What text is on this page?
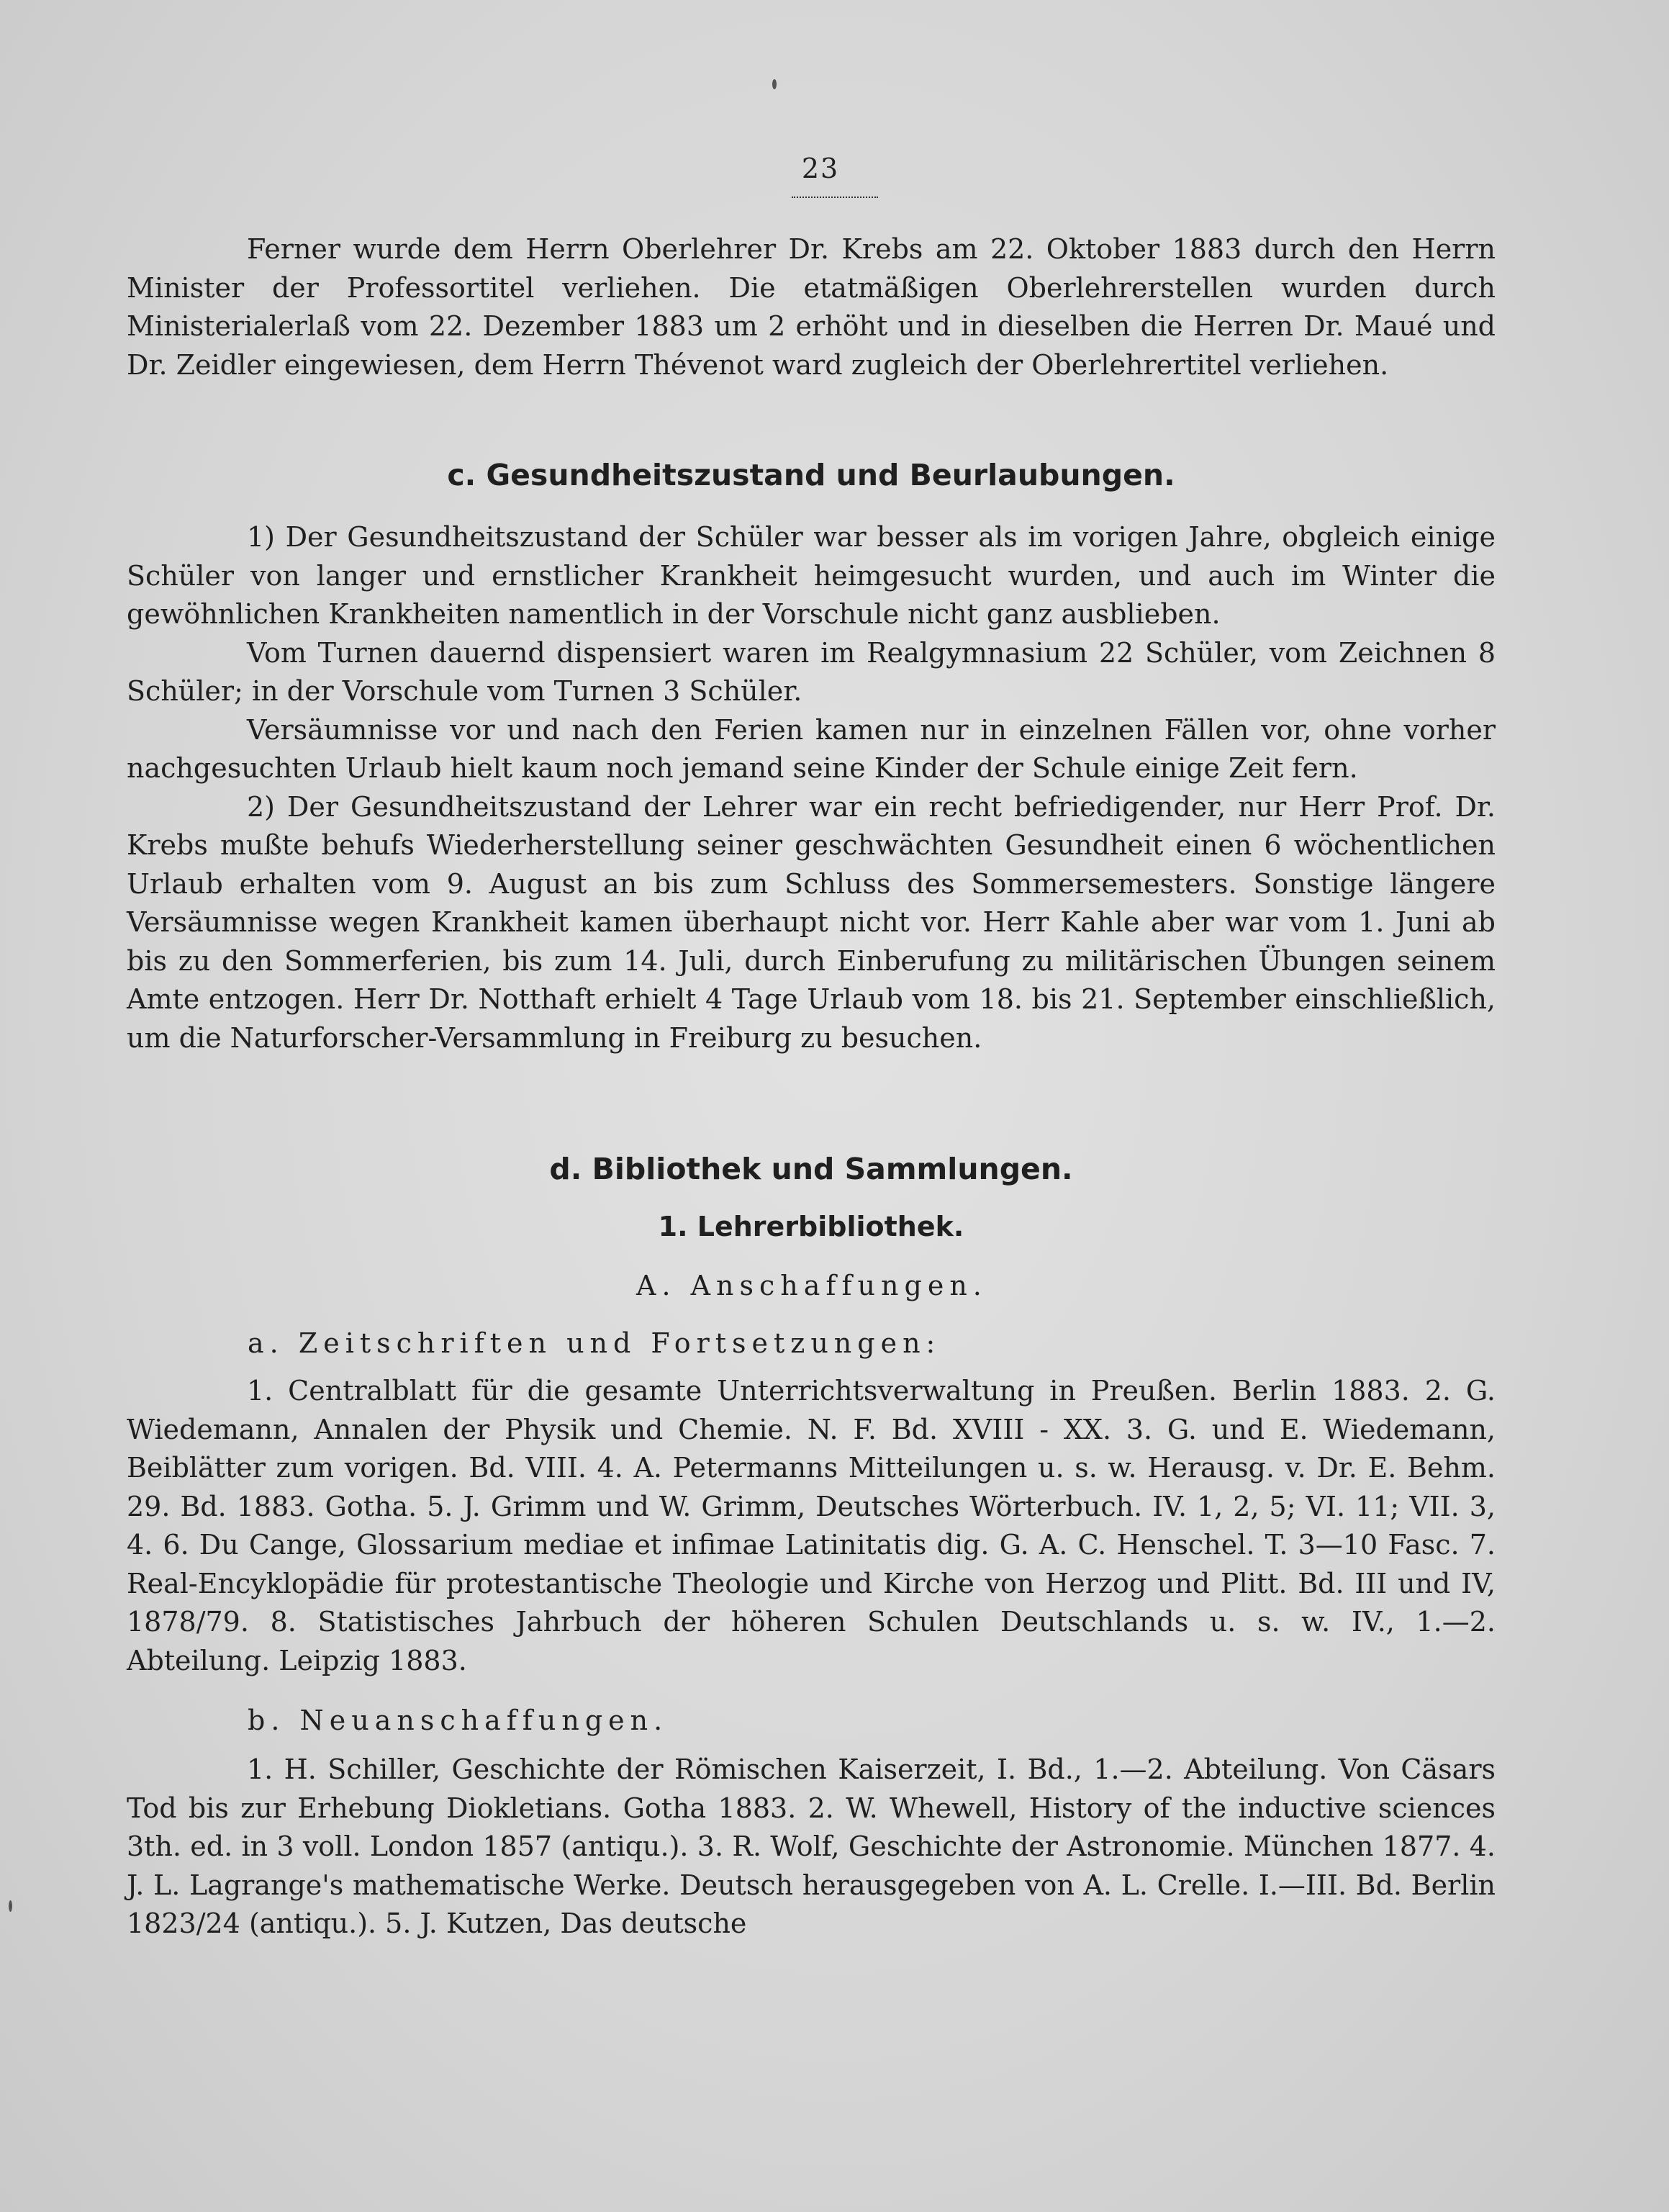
23

Ferner wurde dem Herrn Oberlehrer Dr. Krebs am 22. Oktober 1883 durch den Herrn Minister der Professortitel verliehen. Die etatmäßigen Oberlehrerstellen wurden durch Ministerialerlaß vom 22. Dezember 1883 um 2 erhöht und in dieselben die Herren Dr. Maué und Dr. Zeidler eingewiesen, dem Herrn Thévenot ward zugleich der Oberlehrertitel verliehen.

c. Gesundheitszustand und Beurlaubungen.

1) Der Gesundheitszustand der Schüler war besser als im vorigen Jahre, obgleich einige Schüler von langer und ernstlicher Krankheit heimgesucht wurden, und auch im Winter die gewöhnlichen Krankheiten namentlich in der Vorschule nicht ganz ausblieben.

Vom Turnen dauernd dispensiert waren im Realgymnasium 22 Schüler, vom Zeichnen 8 Schüler; in der Vorschule vom Turnen 3 Schüler.

Versäumnisse vor und nach den Ferien kamen nur in einzelnen Fällen vor, ohne vorher nachgesuchten Urlaub hielt kaum noch jemand seine Kinder der Schule einige Zeit fern.

2) Der Gesundheitszustand der Lehrer war ein recht befriedigender, nur Herr Prof. Dr. Krebs mußte behufs Wiederherstellung seiner geschwächten Gesundheit einen 6 wöchentlichen Urlaub erhalten vom 9. August an bis zum Schluss des Sommersemesters. Sonstige längere Versäumnisse wegen Krankheit kamen überhaupt nicht vor. Herr Kahle aber war vom 1. Juni ab bis zu den Sommerferien, bis zum 14. Juli, durch Einberufung zu militärischen Übungen seinem Amte entzogen. Herr Dr. Notthaft erhielt 4 Tage Urlaub vom 18. bis 21. September einschließlich, um die Naturforscher-Versammlung in Freiburg zu besuchen.

d. Bibliothek und Sammlungen.
1. Lehrerbibliothek.
A. Anschaffungen.
a. Zeitschriften und Fortsetzungen:

1. Centralblatt für die gesamte Unterrichtsverwaltung in Preußen. Berlin 1883. 2. G. Wiedemann, Annalen der Physik und Chemie. N. F. Bd. XVIII - XX. 3. G. und E. Wiedemann, Beiblätter zum vorigen. Bd. VIII. 4. A. Petermanns Mitteilungen u. s. w. Herausg. v. Dr. E. Behm. 29. Bd. 1883. Gotha. 5. J. Grimm und W. Grimm, Deutsches Wörterbuch. IV. 1, 2, 5; VI. 11; VII. 3, 4. 6. Du Cange, Glossarium mediae et infimae Latinitatis dig. G. A. C. Henschel. T. 3—10 Fasc. 7. Real-Encyklopädie für protestantische Theologie und Kirche von Herzog und Plitt. Bd. III und IV, 1878/79. 8. Statistisches Jahrbuch der höheren Schulen Deutschlands u. s. w. IV., 1.—2. Abteilung. Leipzig 1883.

b. Neuanschaffungen.

1. H. Schiller, Geschichte der Römischen Kaiserzeit, I. Bd., 1.—2. Abteilung. Von Cäsars Tod bis zur Erhebung Diokletians. Gotha 1883. 2. W. Whewell, History of the inductive sciences 3th. ed. in 3 voll. London 1857 (antiqu.). 3. R. Wolf, Geschichte der Astronomie. München 1877. 4. J. L. Lagrange's mathematische Werke. Deutsch herausgegeben von A. L. Crelle. I.—III. Bd. Berlin 1823/24 (antiqu.). 5. J. Kutzen, Das deutsche
